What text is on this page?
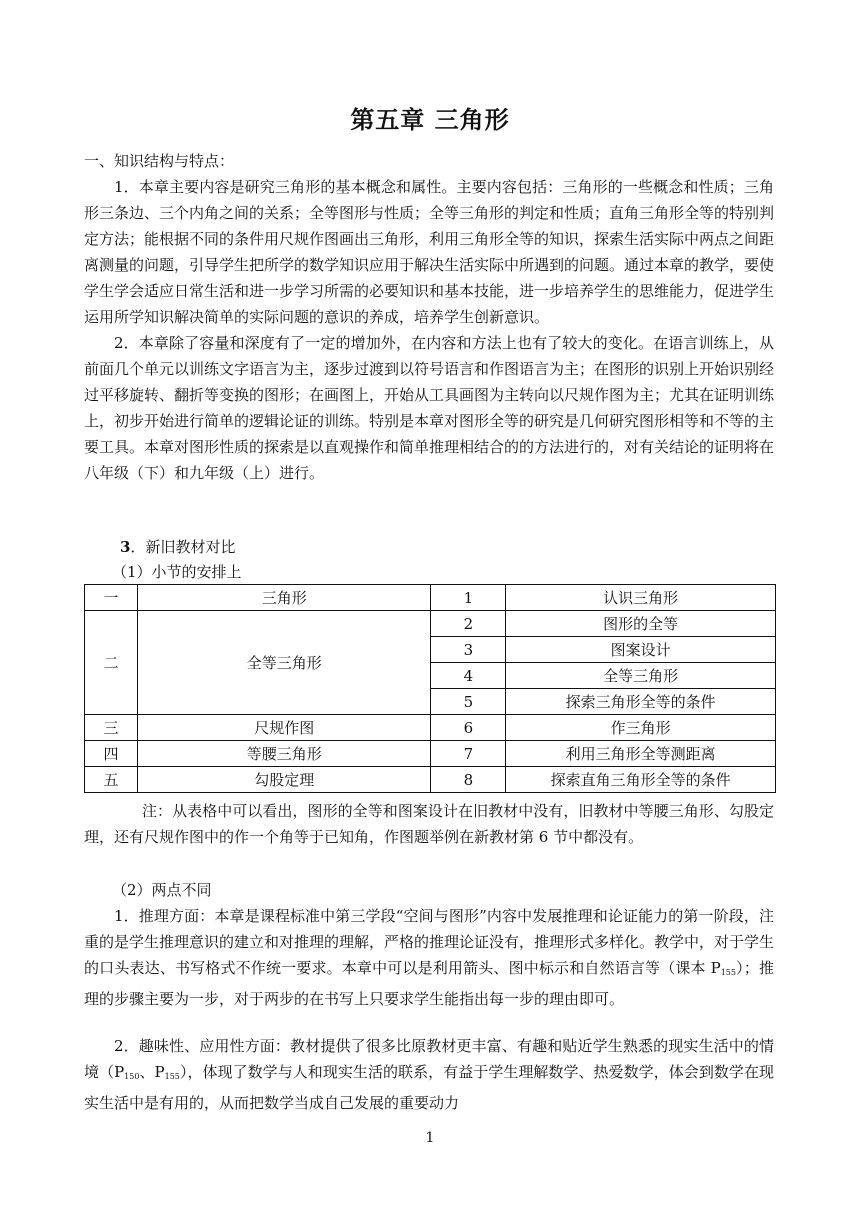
第五章 三角形
一、知识结构与特点：

1．本章主要内容是研究三角形的基本概念和属性。主要内容包括：三角形的一些概念和性质；三角形三条边、三个内角之间的关系；全等图形与性质；全等三角形的判定和性质；直角三角形全等的特别判定方法；能根据不同的条件用尺规作图画出三角形，利用三角形全等的知识，探索生活实际中两点之间距离测量的问题，引导学生把所学的数学知识应用于解决生活实际中所遇到的问题。通过本章的教学，要使学生学会适应日常生活和进一步学习所需的必要知识和基本技能，进一步培养学生的思维能力，促进学生运用所学知识解决简单的实际问题的意识的养成，培养学生创新意识。

2．本章除了容量和深度有了一定的增加外，在内容和方法上也有了较大的变化。在语言训练上，从前面几个单元以训练文字语言为主，逐步过渡到以符号语言和作图语言为主；在图形的识别上开始识别经过平移旋转、翻折等变换的图形；在画图上，开始从工具画图为主转向以尺规作图为主；尤其在证明训练上，初步开始进行简单的逻辑论证的训练。特别是本章对图形全等的研究是几何研究图形相等和不等的主要工具。本章对图形性质的探索是以直观操作和简单推理相结合的的方法进行的，对有关结论的证明将在八年级（下）和九年级（上）进行。

3．新旧教材对比
（1）小节的安排上
一	三角形	1	认识三角形
二	全等三角形	2	图形的全等
		3	图案设计
		4	全等三角形
		5	探索三角形全等的条件
三	尺规作图	6	作三角形
四	等腰三角形	7	利用三角形全等测距离
五	勾股定理	8	探索直角三角形全等的条件

注：从表格中可以看出，图形的全等和图案设计在旧教材中没有，旧教材中等腰三角形、勾股定理，还有尺规作图中的作一个角等于已知角，作图题举例在新教材第 6 节中都没有。

（2）两点不同

1．推理方面：本章是课程标准中第三学段“空间与图形”内容中发展推理和论证能力的第一阶段，注重的是学生推理意识的建立和对推理的理解，严格的推理论证没有，推理形式多样化。教学中，对于学生的口头表达、书写格式不作统一要求。本章中可以是利用箭头、图中标示和自然语言等（课本 $P_{155}$）；推理的步骤主要为一步，对于两步的在书写上只要求学生能指出每一步的理由即可。

2．趣味性、应用性方面：教材提供了很多比原教材更丰富、有趣和贴近学生熟悉的现实生活中的情境（$P_{150}$、$P_{155}$），体现了数学与人和现实生活的联系，有益于学生理解数学、热爱数学，体会到数学在现实生活中是有用的，从而把数学当成自己发展的重要动力

1
